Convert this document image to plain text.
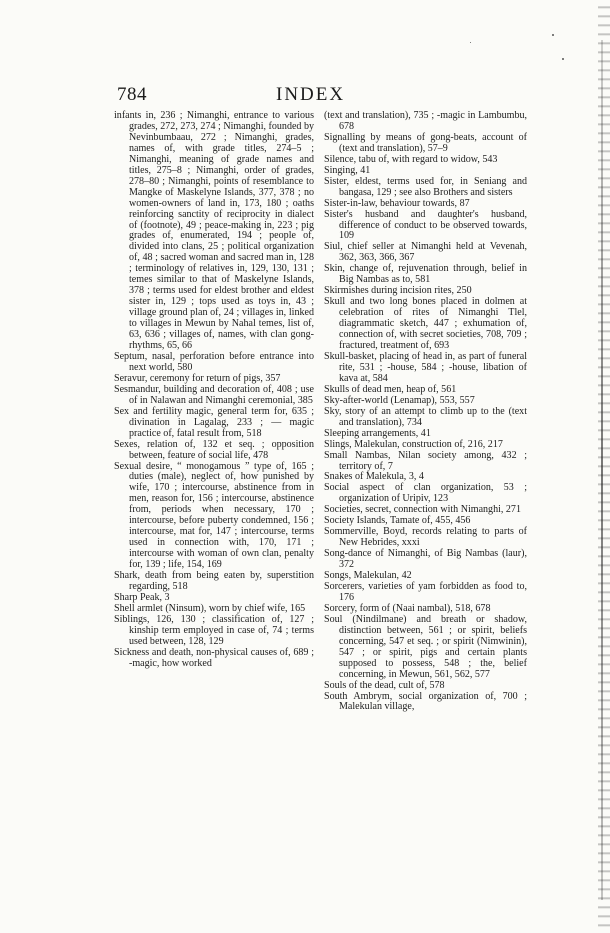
784	INDEX

infants in, 236 ; Nimanghi, entrance to various grades, 272, 273, 274 ; Nimanghi, founded by Nevinbumbaau, 272 ; Nimanghi, grades, names of, with grade titles, 274–5 ; Nimanghi, meaning of grade names and titles, 275–8 ; Nimanghi, order of grades, 278–80 ; Nimanghi, points of resemblance to Mangke of Maskelyne Islands, 377, 378 ; no women-owners of land in, 173, 180 ; oaths reinforcing sanctity of reciprocity in dialect of (footnote), 49 ; peace-making in, 223 ; pig grades of, enumerated, 194 ; people of, divided into clans, 25 ; political organization of, 48 ; sacred woman and sacred man in, 128 ; terminology of relatives in, 129, 130, 131 ; temes similar to that of Maskelyne Islands, 378 ; terms used for eldest brother and eldest sister in, 129 ; tops used as toys in, 43 ; village ground plan of, 24 ; villages in, linked to villages in Mewun by Nahal temes, list of, 63, 636 ; villages of, names, with clan gong-rhythms, 65, 66

Septum, nasal, perforation before entrance into next world, 580

Seravur, ceremony for return of pigs, 357

Sesmandur, building and decoration of, 408 ; use of in Nalawan and Nimanghi ceremonial, 385

Sex and fertility magic, general term for, 635 ; divination in Lagalag, 233 ; — magic practice of, fatal result from, 518

Sexes, relation of, 132 et seq. ; opposition between, feature of social life, 478

Sexual desire, “ monogamous ” type of, 165 ; duties (male), neglect of, how punished by wife, 170 ; intercourse, abstinence from in men, reason for, 156 ; intercourse, abstinence from, periods when necessary, 170 ; intercourse, before puberty condemned, 156 ; intercourse, mat for, 147 ; intercourse, terms used in connection with, 170, 171 ; intercourse with woman of own clan, penalty for, 139 ; life, 154, 169

Shark, death from being eaten by, superstition regarding, 518

Sharp Peak, 3

Shell armlet (Ninsum), worn by chief wife, 165

Siblings, 126, 130 ; classification of, 127 ; kinship term employed in case of, 74 ; terms used between, 128, 129

Sickness and death, non-physical causes of, 689 ; -magic, how worked

(text and translation), 735 ; -magic in Lambumbu, 678

Signalling by means of gong-beats, account of (text and translation), 57–9

Silence, tabu of, with regard to widow, 543

Singing, 41

Sister, eldest, terms used for, in Seniang and bangasa, 129 ; see also Brothers and sisters

Sister-in-law, behaviour towards, 87

Sister's husband and daughter's husband, difference of conduct to be observed towards, 109

Siul, chief seller at Nimanghi held at Vevenah, 362, 363, 366, 367

Skin, change of, rejuvenation through, belief in Big Nambas as to, 581

Skirmishes during incision rites, 250

Skull and two long bones placed in dolmen at celebration of rites of Nimanghi Tlel, diagrammatic sketch, 447 ; exhumation of, connection of, with secret societies, 708, 709 ; fractured, treatment of, 693

Skull-basket, placing of head in, as part of funeral rite, 531 ; -house, 584 ; -house, libation of kava at, 584

Skulls of dead men, heap of, 561

Sky-after-world (Lenamap), 553, 557

Sky, story of an attempt to climb up to the (text and translation), 734

Sleeping arrangements, 41

Slings, Malekulan, construction of, 216, 217

Small Nambas, Nilan society among, 432 ; territory of, 7

Snakes of Malekula, 3, 4

Social aspect of clan organization, 53 ; organization of Uripiv, 123

Societies, secret, connection with Nimanghi, 271

Society Islands, Tamate of, 455, 456

Sommerville, Boyd, records relating to parts of New Hebrides, xxxi

Song-dance of Nimanghi, of Big Nambas (laur), 372

Songs, Malekulan, 42

Sorcerers, varieties of yam forbidden as food to, 176

Sorcery, form of (Naai nambal), 518, 678

Soul (Nindilmane) and breath or shadow, distinction between, 561 ; or spirit, beliefs concerning, 547 et seq. ; or spirit (Nimwinin), 547 ; or spirit, pigs and certain plants supposed to possess, 548 ; the, belief concerning, in Mewun, 561, 562, 577

Souls of the dead, cult of, 578

South Ambrym, social organization of, 700 ; Malekulan village,
